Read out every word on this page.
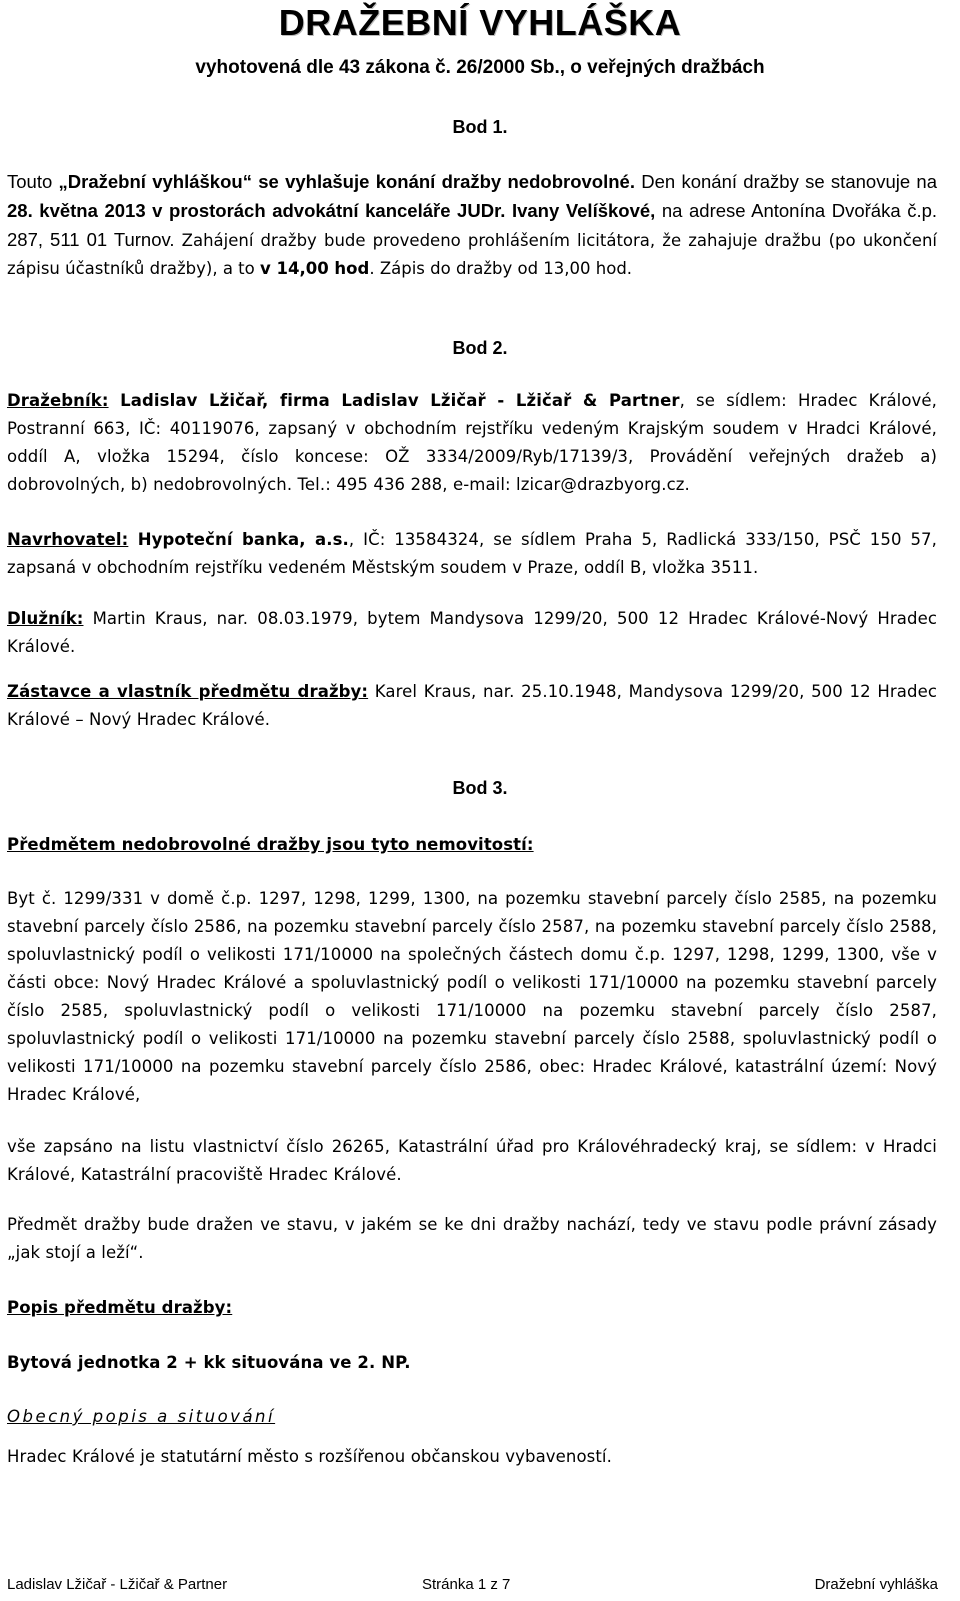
DRAŽEBNÍ VYHLÁŠKA
vyhotovená dle 43 zákona č. 26/2000 Sb., o veřejných dražbách
Bod 1.
Touto „Dražební vyhláškou“ se vyhlašuje konání dražby nedobrovolné. Den konání dražby se stanovuje na 28. května 2013 v prostorách advokátní kanceláře JUDr. Ivany Velíškové, na adrese Antonína Dvořáka č.p. 287, 511 01 Turnov. Zahájení dražby bude provedeno prohlášením licitátora, že zahajuje dražbu (po ukončení zápisu účastníků dražby), a to v 14,00 hod. Zápis do dražby od 13,00 hod.
Bod 2.
Dražebník: Ladislav Lžičař, firma Ladislav Lžičař - Lžičař & Partner, se sídlem: Hradec Králové, Postranní 663, IČ: 40119076, zapsaný v obchodním rejstříku vedeným Krajským soudem v Hradci Králové, oddíl A, vložka 15294, číslo koncese: OŽ 3334/2009/Ryb/17139/3, Provádění veřejných dražeb a) dobrovolných, b) nedobrovolných. Tel.: 495 436 288, e-mail: lzicar@drazbyorg.cz.
Navrhovatel: Hypoteční banka, a.s., IČ: 13584324, se sídlem Praha 5, Radlická 333/150, PSČ 150 57, zapsaná v obchodním rejstříku vedeném Městským soudem v Praze, oddíl B, vložka 3511.
Dlužník: Martin Kraus, nar. 08.03.1979, bytem Mandysova 1299/20, 500 12 Hradec Králové-Nový Hradec Králové.
Zástavce a vlastník předmětu dražby: Karel Kraus, nar. 25.10.1948, Mandysova 1299/20, 500 12 Hradec Králové – Nový Hradec Králové.
Bod 3.
Předmětem nedobrovolné dražby jsou tyto nemovitostí:
Byt č. 1299/331 v domě č.p. 1297, 1298, 1299, 1300, na pozemku stavební parcely číslo 2585, na pozemku stavební parcely číslo 2586, na pozemku stavební parcely číslo 2587, na pozemku stavební parcely číslo 2588, spoluvlastnický podíl o velikosti 171/10000 na společných částech domu č.p. 1297, 1298, 1299, 1300, vše v části obce: Nový Hradec Králové a spoluvlastnický podíl o velikosti 171/10000 na pozemku stavební parcely číslo 2585, spoluvlastnický podíl o velikosti 171/10000 na pozemku stavební parcely číslo 2587, spoluvlastnický podíl o velikosti 171/10000 na pozemku stavební parcely číslo 2588, spoluvlastnický podíl o velikosti 171/10000 na pozemku stavební parcely číslo 2586, obec: Hradec Králové, katastrální území: Nový Hradec Králové,
vše zapsáno na listu vlastnictví číslo 26265, Katastrální úřad pro Královéhradecký kraj, se sídlem: v Hradci Králové, Katastrální pracoviště Hradec Králové.
Předmět dražby bude dražen ve stavu, v jakém se ke dni dražby nachází, tedy ve stavu podle právní zásady „jak stojí a leží“.
Popis předmětu dražby:
Bytová jednotka 2 + kk situována ve 2. NP.
Obecný popis a situování
Hradec Králové je statutární město s rozšířenou občanskou vybaveností.
Ladislav Lžičař - Lžičař & Partner	Stránka 1 z 7	Dražební vyhláška
